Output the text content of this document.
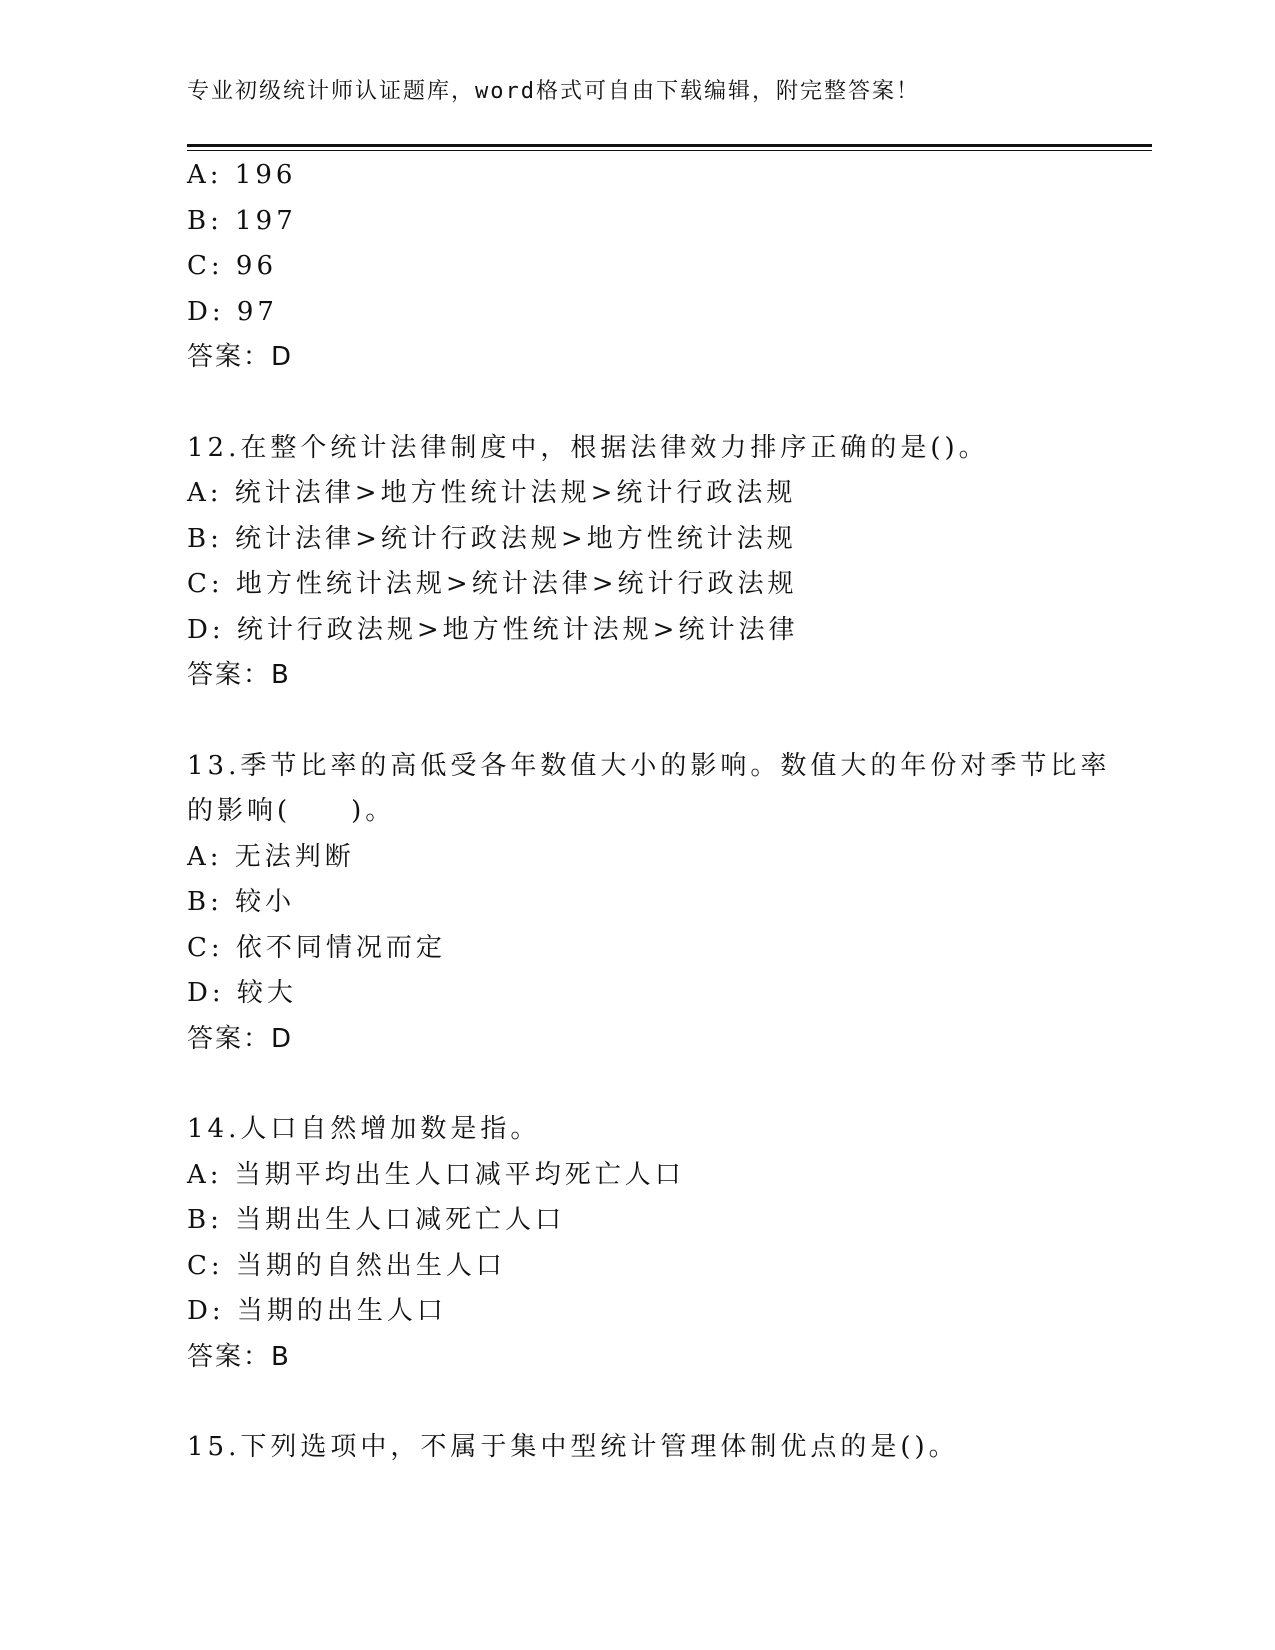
专业初级统计师认证题库，word格式可自由下载编辑，附完整答案！
A: 196
B: 197
C: 96
D: 97
答案：D
12.在整个统计法律制度中，根据法律效力排序正确的是()。
A: 统计法律>地方性统计法规>统计行政法规
B: 统计法律>统计行政法规>地方性统计法规
C: 地方性统计法规>统计法律>统计行政法规
D: 统计行政法规>地方性统计法规>统计法律
答案：B
13.季节比率的高低受各年数值大小的影响。数值大的年份对季节比率
的影响(　　)。
A: 无法判断
B: 较小
C: 依不同情况而定
D: 较大
答案：D
14.人口自然增加数是指。
A: 当期平均出生人口减平均死亡人口
B: 当期出生人口减死亡人口
C: 当期的自然出生人口
D: 当期的出生人口
答案：B
15.下列选项中，不属于集中型统计管理体制优点的是()。
